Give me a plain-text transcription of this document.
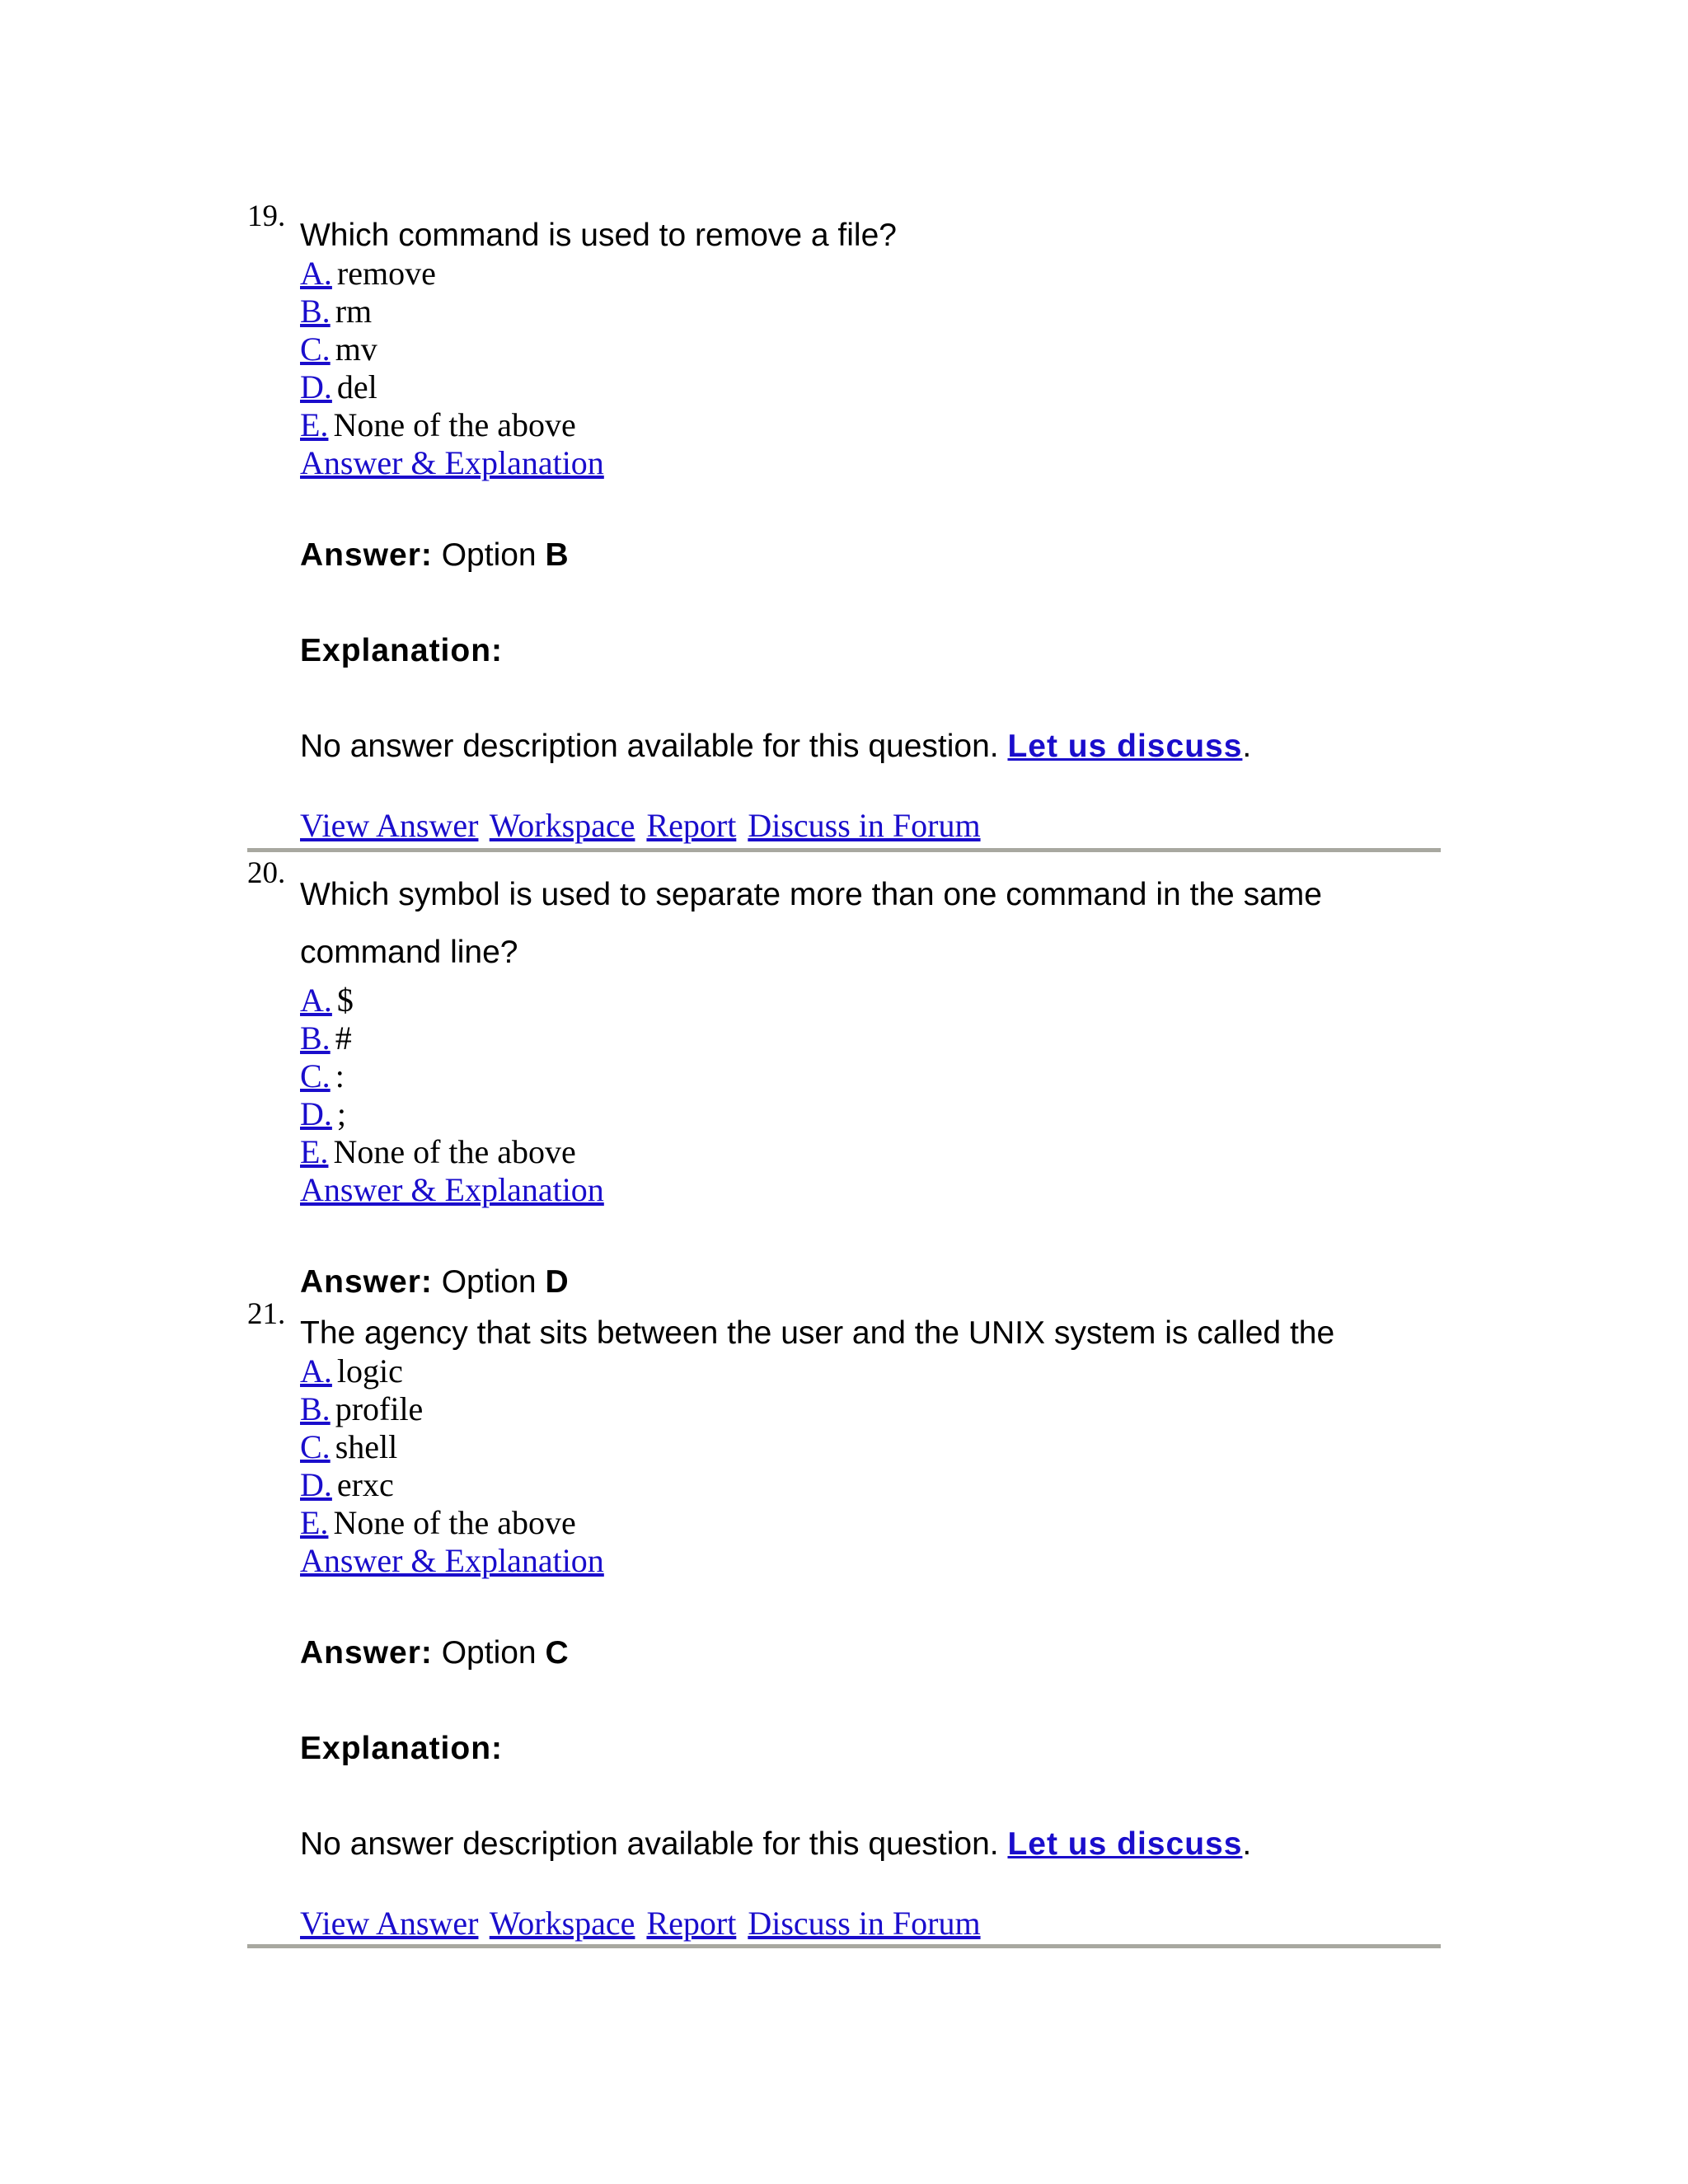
19.

Which command is used to remove a file?

A. remove
B. rm
C. mv
D. del
E. None of the above
Answer & Explanation
Answer: Option B
Explanation:
No answer description available for this question. Let us discuss.
View Answer Workspace Report Discuss in Forum
20.

Which symbol is used to separate more than one command in the same command line?

A. $
B. #
C. :
D. ;
E. None of the above
Answer & Explanation
Answer: Option D
21.

The agency that sits between the user and the UNIX system is called the

A. logic
B. profile
C. shell
D. erxc
E. None of the above
Answer & Explanation
Answer: Option C
Explanation:
No answer description available for this question. Let us discuss.
View Answer Workspace Report Discuss in Forum
